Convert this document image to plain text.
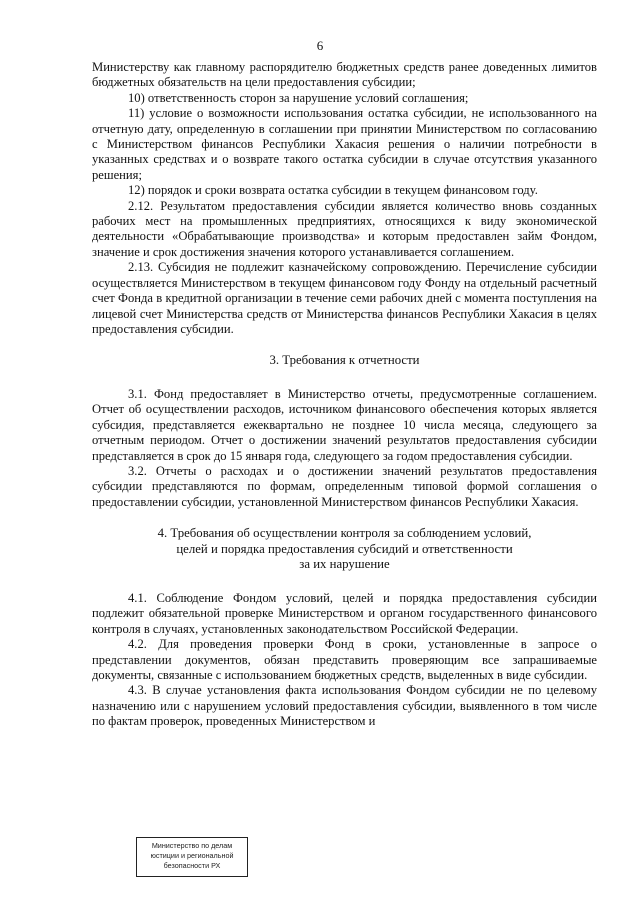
6

Министерству как главному распорядителю бюджетных средств ранее доведенных лимитов бюджетных обязательств на цели предоставления субсидии;

10) ответственность сторон за нарушение условий соглашения;

11) условие о возможности использования остатка субсидии, не использованного на отчетную дату, определенную в соглашении при принятии Министерством по согласованию с Министерством финансов Республики Хакасия решения о наличии потребности в указанных средствах и о возврате такого остатка субсидии в случае отсутствия указанного решения;

12) порядок и сроки возврата остатка субсидии в текущем финансовом году.

2.12. Результатом предоставления субсидии является количество вновь созданных рабочих мест на промышленных предприятиях, относящихся к виду экономической деятельности «Обрабатывающие производства» и которым предоставлен займ Фондом, значение и срок достижения значения которого устанавливается соглашением.

2.13. Субсидия не подлежит казначейскому сопровождению. Перечисление субсидии осуществляется Министерством в текущем финансовом году Фонду на отдельный расчетный счет Фонда в кредитной организации в течение семи рабочих дней с момента поступления на лицевой счет Министерства средств от Министерства финансов Республики Хакасия в целях предоставления субсидии.

3. Требования к отчетности

3.1. Фонд предоставляет в Министерство отчеты, предусмотренные соглашением. Отчет об осуществлении расходов, источником финансового обеспечения которых является субсидия, представляется ежеквартально не позднее 10 числа месяца, следующего за отчетным периодом. Отчет о достижении значений результатов предоставления субсидии представляется в срок до 15 января года, следующего за годом предоставления субсидии.

3.2. Отчеты о расходах и о достижении значений результатов предоставления субсидии представляются по формам, определенным типовой формой соглашения о предоставлении субсидии, установленной Министерством финансов Республики Хакасия.

4. Требования об осуществлении контроля за соблюдением условий,
целей и порядка предоставления субсидий и ответственности
за их нарушение

4.1. Соблюдение Фондом условий, целей и порядка предоставления субсидии подлежит обязательной проверке Министерством и органом государственного финансового контроля в случаях, установленных законодательством Российской Федерации.

4.2. Для проведения проверки Фонд в сроки, установленные в запросе о представлении документов, обязан представить проверяющим все запрашиваемые документы, связанные с использованием бюджетных средств, выделенных в виде субсидии.

4.3. В случае установления факта использования Фондом субсидии не по целевому назначению или с нарушением условий предоставления субсидии, выявленного в том числе по фактам проверок, проведенных Министерством и

Министерство по делам
юстиции и региональной
безопасности РХ
